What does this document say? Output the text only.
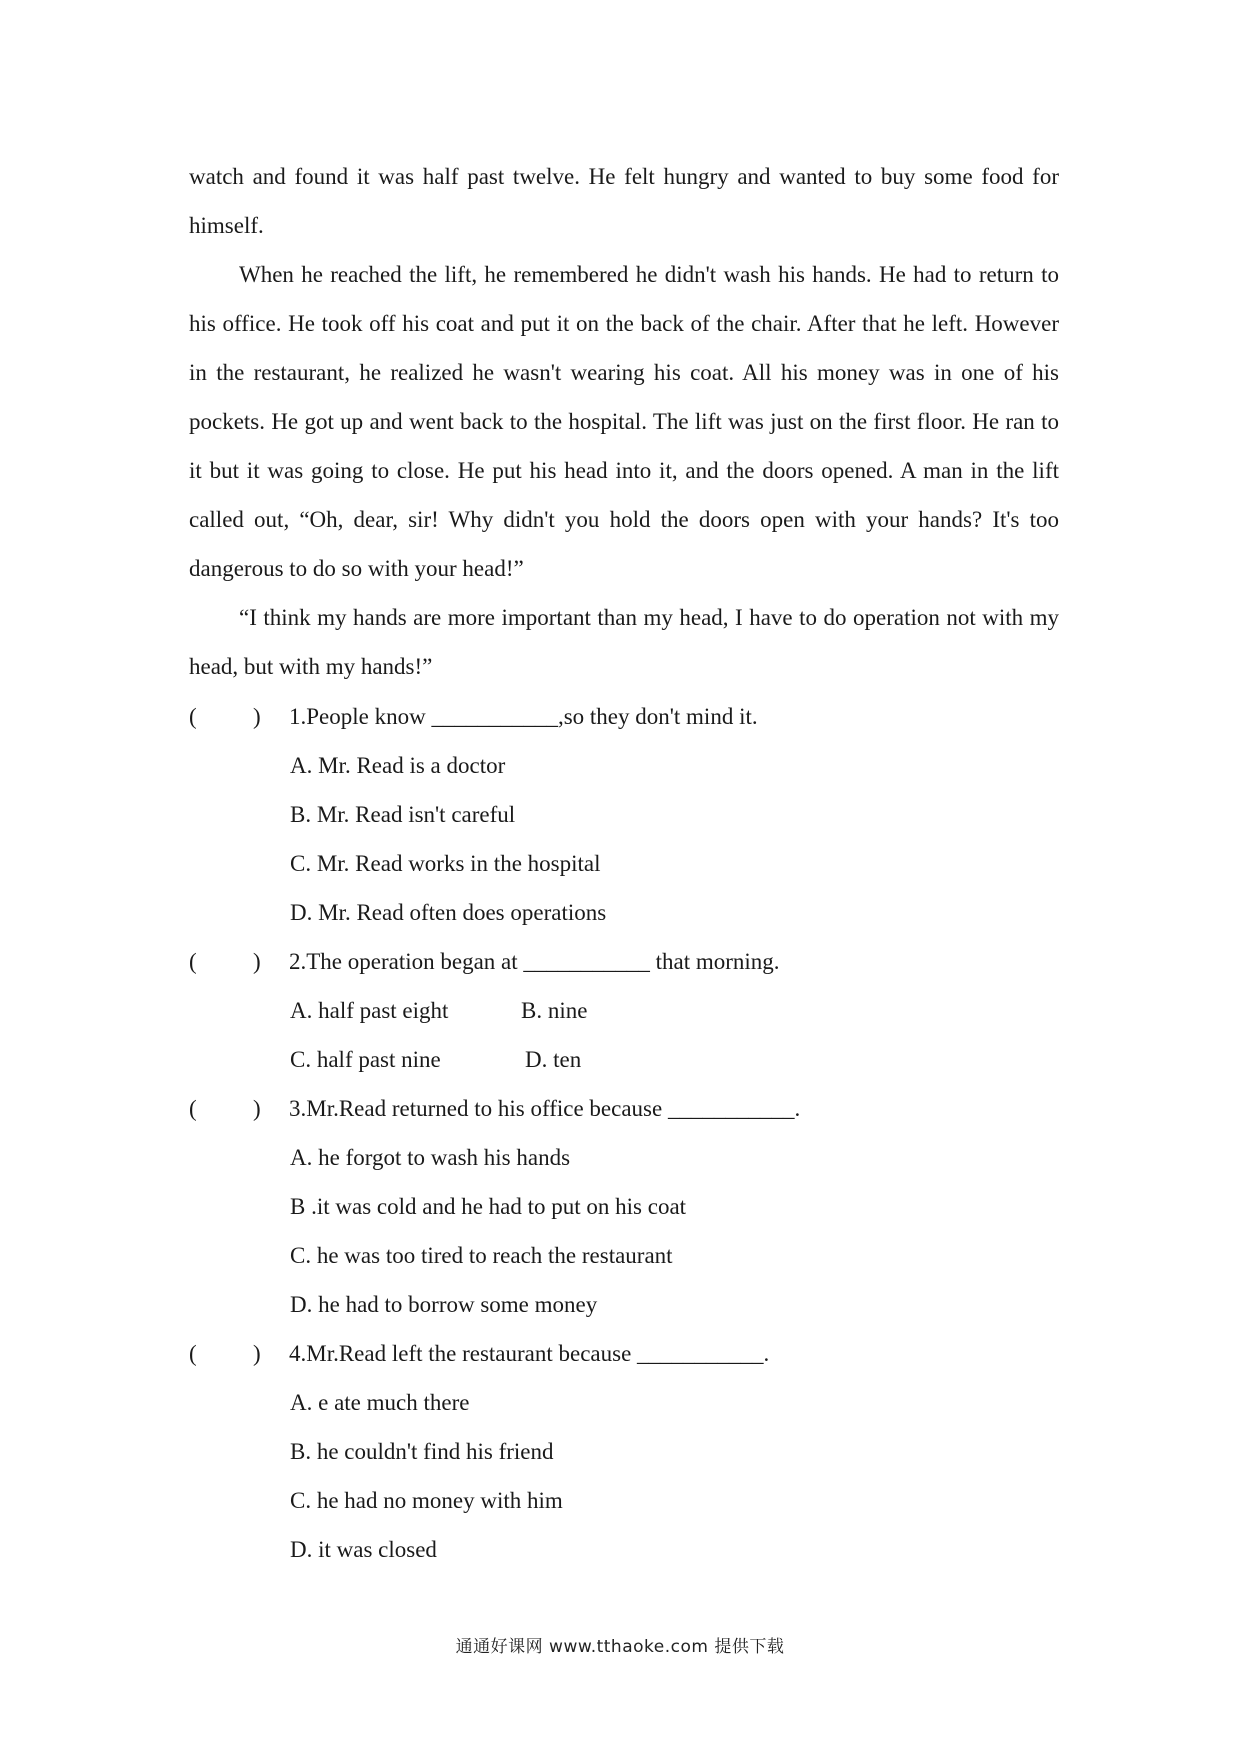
watch and found it was half past twelve. He felt hungry and wanted to buy some food for himself.

When he reached the lift, he remembered he didn't wash his hands. He had to return to his office. He took off his coat and put it on the back of the chair. After that he left. However in the restaurant, he realized he wasn't wearing his coat. All his money was in one of his pockets. He got up and went back to the hospital. The lift was just on the first floor. He ran to it but it was going to close. He put his head into it, and the doors opened. A man in the lift called out, “Oh, dear, sir! Why didn't you hold the doors open with your hands? It's too dangerous to do so with your head!”

“I think my hands are more important than my head, I have to do operation not with my head, but with my hands!”

( ) 1.People know ___________,so they don't mind it.
A. Mr. Read is a doctor
B. Mr. Read isn't careful
C. Mr. Read works in the hospital
D. Mr. Read often does operations
( ) 2.The operation began at ___________ that morning.
A. half past eight	B. nine
C. half past nine	D. ten
( ) 3.Mr.Read returned to his office because ___________.
A. he forgot to wash his hands
B .it was cold and he had to put on his coat
C. he was too tired to reach the restaurant
D. he had to borrow some money
( ) 4.Mr.Read left the restaurant because ___________.
A. e ate much there
B. he couldn't find his friend
C. he had no money with him
D. it was closed
通通好课网 www.tthaoke.com 提供下载
